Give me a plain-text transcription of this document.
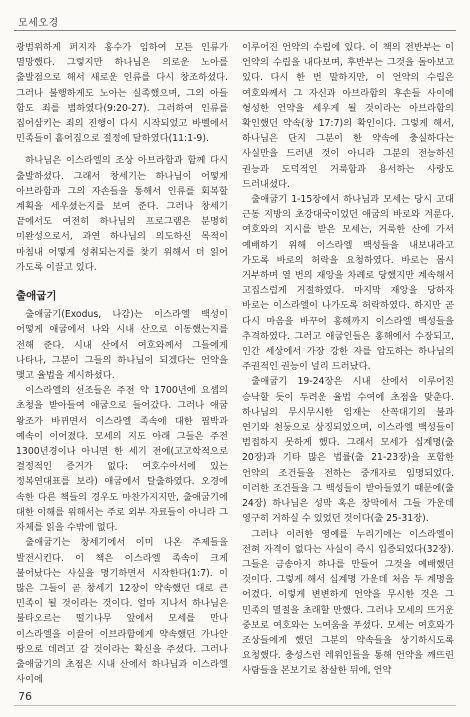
모세오경

광범위하게 퍼지자 홍수가 임하여 모든 인류가 멸망했다. 그렇지만 하나님은 의로운 노아를 출발점으로 해서 새로운 인류를 다시 창조하셨다. 그러나 불행하게도 노아는 실족했으며, 그의 아들 함도 죄를 범하였다(9:20-27). 그러하여 인류를 집어삼키는 죄의 진행이 다시 시작되었고 바벨에서 민족들이 흩어짐으로 절정에 달하였다(11:1-9).

하나님은 이스라엘의 조상 아브라함과 함께 다시 출발하셨다. 그래서 창세기는 하나님이 어떻게 아브라함과 그의 자손들을 통해서 인류를 회복할 계획을 세우셨는지를 보여 준다. 그러나 창세기 끝에서도 여전히 하나님의 프로그램은 분명히 미완성으로서, 과연 하나님의 의도하신 목적이 마침내 어떻게 성취되는지를 찾기 위해서 더 읽어 가도록 이끌고 있다.

출애굽기

출애굽기(Exodus, 나감)는 이스라엘 백성이 어떻게 애굽에서 나와 시내 산으로 이동했는지를 전해 준다. 시내 산에서 여호와께서 그들에게 나타나, 그분이 그들의 하나님이 되겠다는 언약을 맺고 율법을 계시하셨다.

이스라엘의 선조들은 주전 약 1700년에 요셉의 초청을 받아들여 애굽으로 들어갔다. 그러나 애굽 왕조가 바뀌면서 이스라엘 족속에 대한 핍박과 예속이 이어졌다. 모세의 지도 아래 그들은 주전 1300년경이나 아니면 한 세기 전에(고고학적으로 결정적인 증거가 없다: 여호수아서에 있는 정복연대표를 보라) 애굽에서 탈출하였다. 오경에 속한 다른 책들의 경우도 마찬가지지만, 출애굽기에 대한 이해를 위해서는 주로 외부 자료들이 아니라 그 자체를 읽을 수밖에 없다.

출애굽기는 창세기에서 이미 나온 주제들을 발전시킨다. 이 책은 이스라엘 족속이 크게 불어났다는 사실을 명기하면서 시작한다(1:7). 이 많은 그들이 곧 창세기 12장이 약속했던 대로 큰 민족이 될 것이라는 것이다. 얼마 지나서 하나님은 불타오르는 떨기나무 앞에서 모세를 만나 이스라엘을 이끌어 이브라함에게 약속했던 가나안 땅으로 데려고 갈 것이라는 확신을 주셨다. 그러나 출애굽기의 초점은 시내 산에서 하나님과 이스라엘 사이에

이루어진 언약의 수립에 있다. 이 책의 전반부는 이 언약의 수립을 내다보며, 후반부는 그것을 돌아보고 있다. 다시 한 번 말하지만, 이 언약의 수립은 여호와께서 그 자신과 아브라함의 후손들 사이에 형성한 언약을 세우게 될 것이라는 아브라함의 확인했던 약속(창 17:7)의 확인이다. 그렇게 해서, 하나님은 단지 그분이 한 약속에 충실하다는 사실만을 드러낸 것이 아니라 그분의 전능하신 권능과 도덕적인 거룩함과 용서하는 사랑도 드러내셨다.

출애굽기 1-15장에서 하나님과 모세는 당시 고대 근동 지방의 초강대국이었던 애굽의 바로와 겨룬다. 여호와의 지시를 받은 모세는, 거룩한 산에 가서 예배하기 위해 이스라엘 백성들을 내보내라고 가도록 바로의 허락을 요청하였다. 바로는 몹시 거부하며 열 번의 재앙을 차례로 당했지만 계속해서 고집스럽게 거절하였다. 마지막 재앙을 당하자 바로는 이스라엘이 나가도록 허락하였다. 하지만 곧 다시 마음을 바꾸어 홍해까지 이스라엘 백성들을 추격하였다. 그러고 애굽인들은 홍해에서 수장되고, 인간 세상에서 가장 강한 자를 압도하는 하나님의 주권적인 권능이 널리 드러났다.

출애굽기 19-24장은 시내 산에서 이루어진 승낙할 듯이 두려운 율법 수여에 초점을 맞춘다. 하나님의 무시무시한 임재는 산꼭대기의 불과 연기와 천둥으로 상징되었으며, 이스라엘 백성들이 범접하지 못하게 했다. 그래서 모세가 십계명(출 20장)과 기타 많은 법률(출 21-23장)을 포함한 언약의 조건들을 전하는 중개자로 임명되었다. 이러한 조건들을 그 백성들이 받아들였기 때문에(출 24장) 하나님은 성막 혹은 장막에서 그들 가운데 영구히 거하실 수 있었던 것이다(출 25-31장).

그러나 이러한 영예를 누리기에는 이스라엘이 전혀 자격이 없다는 사실이 즉시 입증되었다(32장). 그들은 금송아지 하나를 만들어 그것을 예배했던 것이다. 그렇게 해서 십계명 가운데 처음 두 계명을 어겼다. 이렇게 변변하게 언약을 무시한 것은 그 민족의 멸절을 초래할 만했다. 그러나 모세의 뜨거운 중보로 여호와는 노여움을 푸셨다. 모세는 여호와가 조상들에게 했던 그분의 약속들을 상기하시도록 요청했다. 충성스런 레위인들을 통해 언약을 깨뜨린 사람들을 본보기로 참살한 뒤에, 언약

76
